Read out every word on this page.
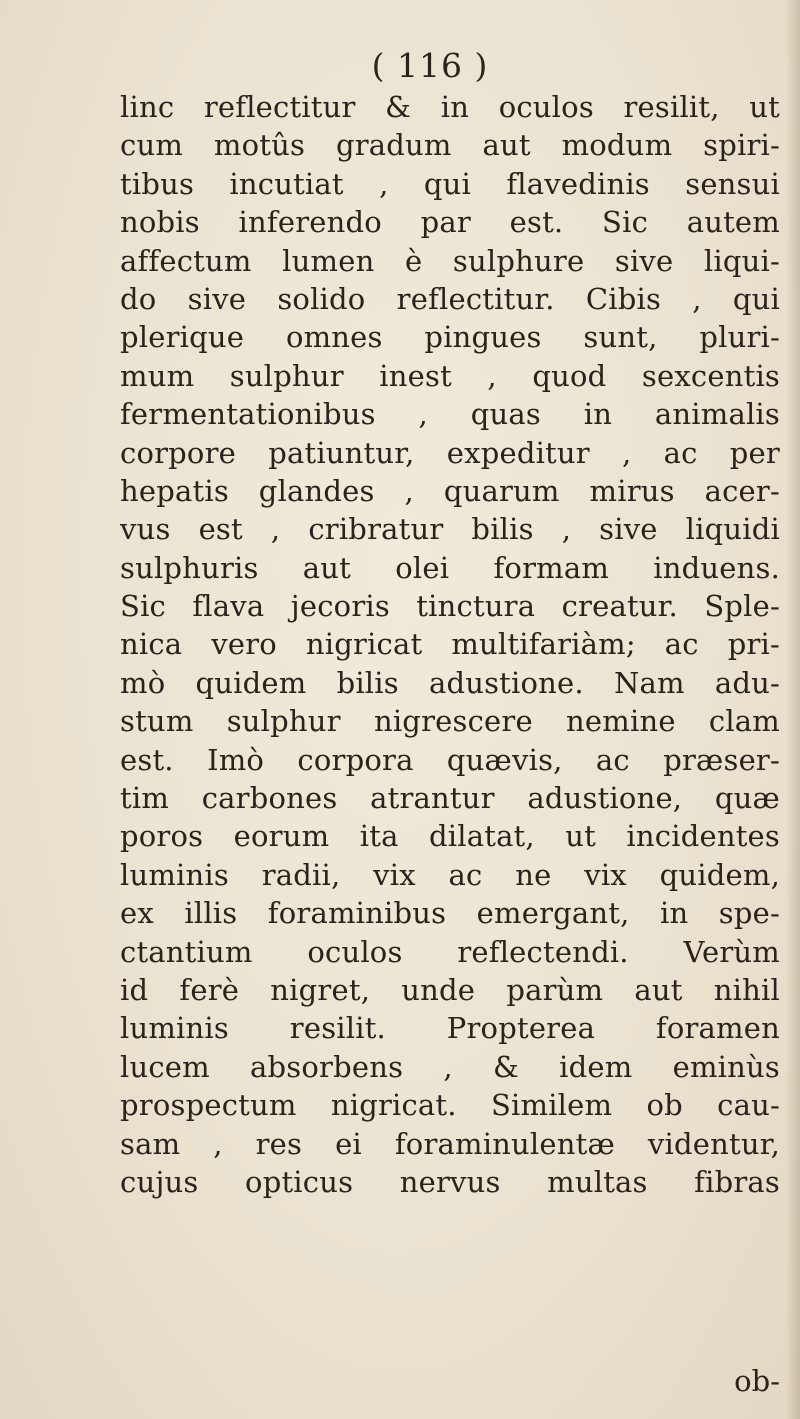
( 116 )
linc reflectitur & in oculos resilit, ut
cum motûs gradum aut modum spiri-
tibus incutiat , qui flavedinis sensui
nobis inferendo par est. Sic autem
affectum lumen è sulphure sive liqui-
do sive solido reflectitur. Cibis , qui
plerique omnes pingues sunt, pluri-
mum sulphur inest , quod sexcentis
fermentationibus , quas in animalis
corpore patiuntur, expeditur , ac per
hepatis glandes , quarum mirus acer-
vus est , cribratur bilis , sive liquidi
sulphuris aut olei formam induens.
Sic flava jecoris tinctura creatur. Sple-
nica vero nigricat multifariàm; ac pri-
mò quidem bilis adustione. Nam adu-
stum sulphur nigrescere nemine clam
est. Imò corpora quævis, ac præser-
tim carbones atrantur adustione, quæ
poros eorum ita dilatat, ut incidentes
luminis radii, vix ac ne vix quidem,
ex illis foraminibus emergant, in spe-
ctantium oculos reflectendi. Verùm
id ferè nigret, unde parùm aut nihil
luminis resilit. Propterea foramen
lucem absorbens , & idem eminùs
prospectum nigricat. Similem ob cau-
sam , res ei foraminulentæ videntur,
cujus opticus nervus multas fibras
ob-
